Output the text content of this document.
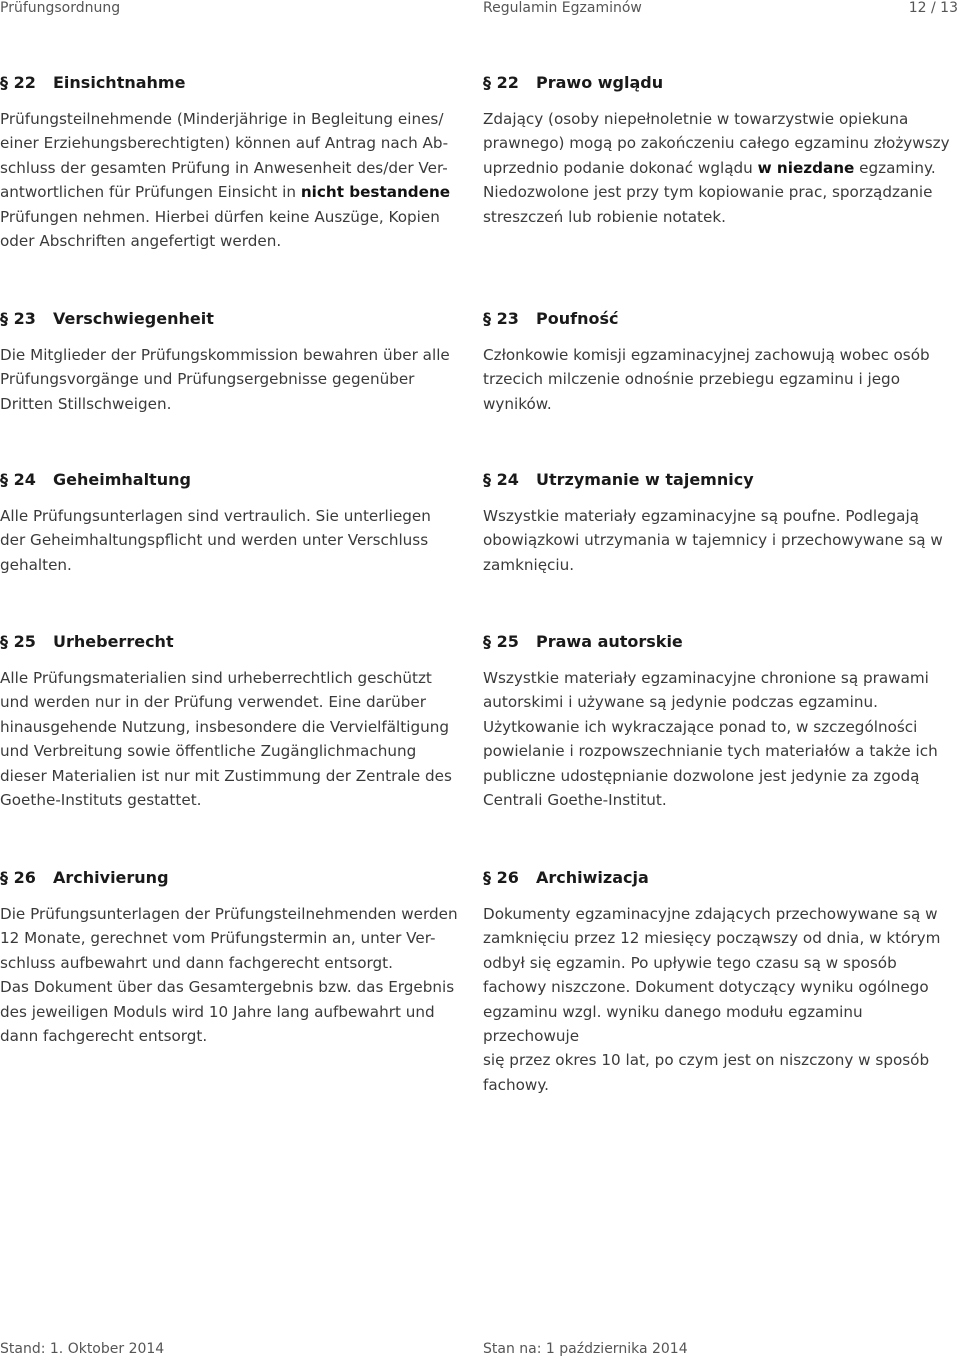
Prüfungsordnung	Regulamin Egzaminów	12 / 13
§ 22 Einsichtnahme

Prüfungsteilnehmende (Minderjährige in Begleitung eines/
einer Erziehungsberechtigten) können auf Antrag nach Ab-
schluss der gesamten Prüfung in Anwesenheit des/der Ver-
antwortlichen für Prüfungen Einsicht in nicht bestandene
Prüfungen nehmen. Hierbei dürfen keine Auszüge, Kopien
oder Abschriften angefertigt werden.

§ 22 Prawo wglądu

Zdający (osoby niepełnoletnie w towarzystwie opiekuna
prawnego) mogą po zakończeniu całego egzaminu złożywszy
uprzednio podanie dokonać wglądu w niezdane egzaminy.
Niedozwolone jest przy tym kopiowanie prac, sporządzanie
streszczeń lub robienie notatek.

§ 23 Verschwiegenheit

Die Mitglieder der Prüfungskommission bewahren über alle
Prüfungsvorgänge und Prüfungsergebnisse gegenüber
Dritten Stillschweigen.

§ 23 Poufność

Członkowie komisji egzaminacyjnej zachowują wobec osób
trzecich milczenie odnośnie przebiegu egzaminu i jego
wyników.

§ 24 Geheimhaltung

Alle Prüfungsunterlagen sind vertraulich. Sie unterliegen
der Geheimhaltungspflicht und werden unter Verschluss
gehalten.

§ 24 Utrzymanie w tajemnicy

Wszystkie materiały egzaminacyjne są poufne. Podlegają
obowiązkowi utrzymania w tajemnicy i przechowywane są w
zamknięciu.

§ 25 Urheberrecht

Alle Prüfungsmaterialien sind urheberrechtlich geschützt
und werden nur in der Prüfung verwendet. Eine darüber
hinausgehende Nutzung, insbesondere die Vervielfältigung
und Verbreitung sowie öffentliche Zugänglichmachung
dieser Materialien ist nur mit Zustimmung der Zentrale des
Goethe-Instituts gestattet.

§ 25 Prawa autorskie

Wszystkie materiały egzaminacyjne chronione są prawami
autorskimi i używane są jedynie podczas egzaminu.
Użytkowanie ich wykraczające ponad to, w szczególności
powielanie i rozpowszechnianie tych materiałów a także ich
publiczne udostępnianie dozwolone jest jedynie za zgodą
Centrali Goethe-Institut.

§ 26 Archivierung

Die Prüfungsunterlagen der Prüfungsteilnehmenden werden
12 Monate, gerechnet vom Prüfungstermin an, unter Ver-
schluss aufbewahrt und dann fachgerecht entsorgt.
Das Dokument über das Gesamtergebnis bzw. das Ergebnis
des jeweiligen Moduls wird 10 Jahre lang aufbewahrt und
dann fachgerecht entsorgt.

§ 26 Archiwizacja

Dokumenty egzaminacyjne zdających przechowywane są w
zamknięciu przez 12 miesięcy począwszy od dnia, w którym
odbył się egzamin. Po upływie tego czasu są w sposób
fachowy niszczone. Dokument dotyczący wyniku ogólnego
egzaminu wzgl. wyniku danego modułu egzaminu przechowuje
się przez okres 10 lat, po czym jest on niszczony w sposób
fachowy.

Stand: 1. Oktober 2014	Stan na: 1 października 2014
